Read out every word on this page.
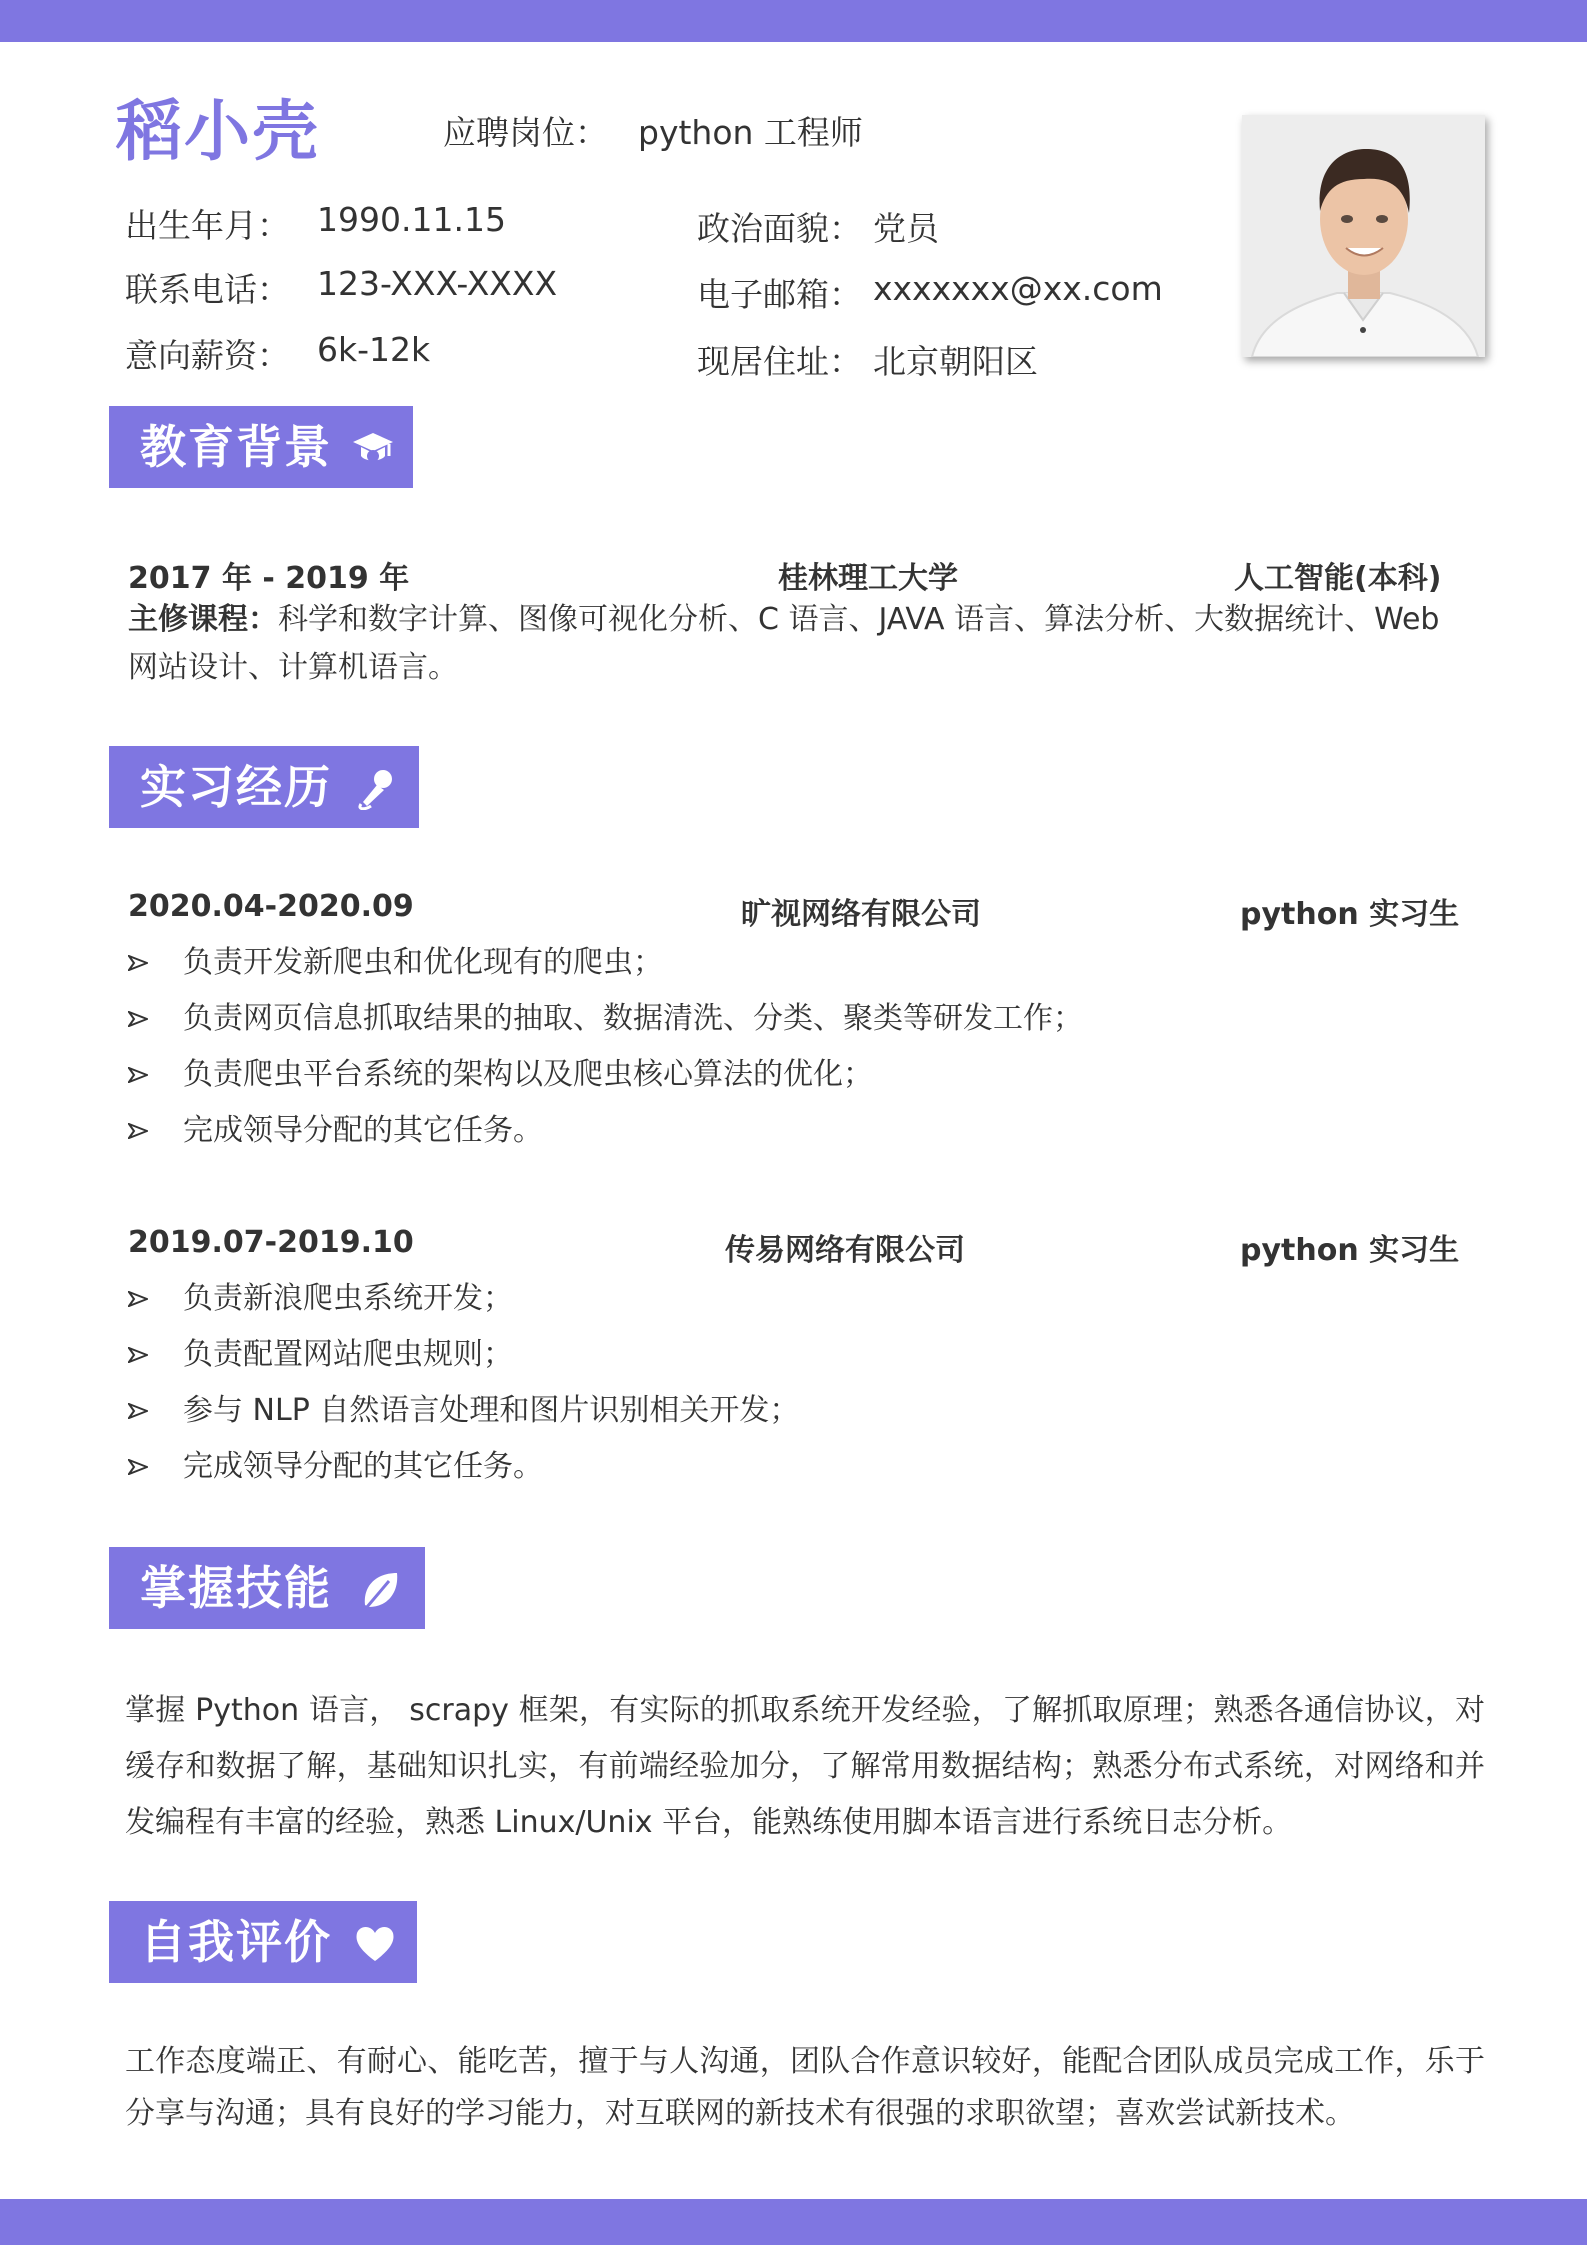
稻小壳	应聘岗位： python 工程师
出生年月： 1990.11.15
联系电话： 123-XXX-XXXX
意向薪资： 6k-12k
政治面貌： 党员
电子邮箱： xxxxxxx@xx.com
现居住址： 北京朝阳区
教育背景
2017 年 - 2019 年	桂林理工大学	人工智能(本科)
主修课程：科学和数字计算、图像可视化分析、C 语言、JAVA 语言、算法分析、大数据统计、Web 网站设计、计算机语言。
实习经历
2020.04-2020.09	旷视网络有限公司	python 实习生
负责开发新爬虫和优化现有的爬虫；
负责网页信息抓取结果的抽取、数据清洗、分类、聚类等研发工作；
负责爬虫平台系统的架构以及爬虫核心算法的优化；
完成领导分配的其它任务。
2019.07-2019.10	传易网络有限公司	python 实习生
负责新浪爬虫系统开发；
负责配置网站爬虫规则；
参与 NLP 自然语言处理和图片识别相关开发；
完成领导分配的其它任务。
掌握技能
掌握 Python 语言， scrapy 框架，有实际的抓取系统开发经验，了解抓取原理；熟悉各通信协议，对缓存和数据了解，基础知识扎实，有前端经验加分，了解常用数据结构；熟悉分布式系统，对网络和并发编程有丰富的经验，熟悉 Linux/Unix 平台，能熟练使用脚本语言进行系统日志分析。
自我评价
工作态度端正、有耐心、能吃苦，擅于与人沟通，团队合作意识较好，能配合团队成员完成工作，乐于分享与沟通；具有良好的学习能力，对互联网的新技术有很强的求职欲望；喜欢尝试新技术。
